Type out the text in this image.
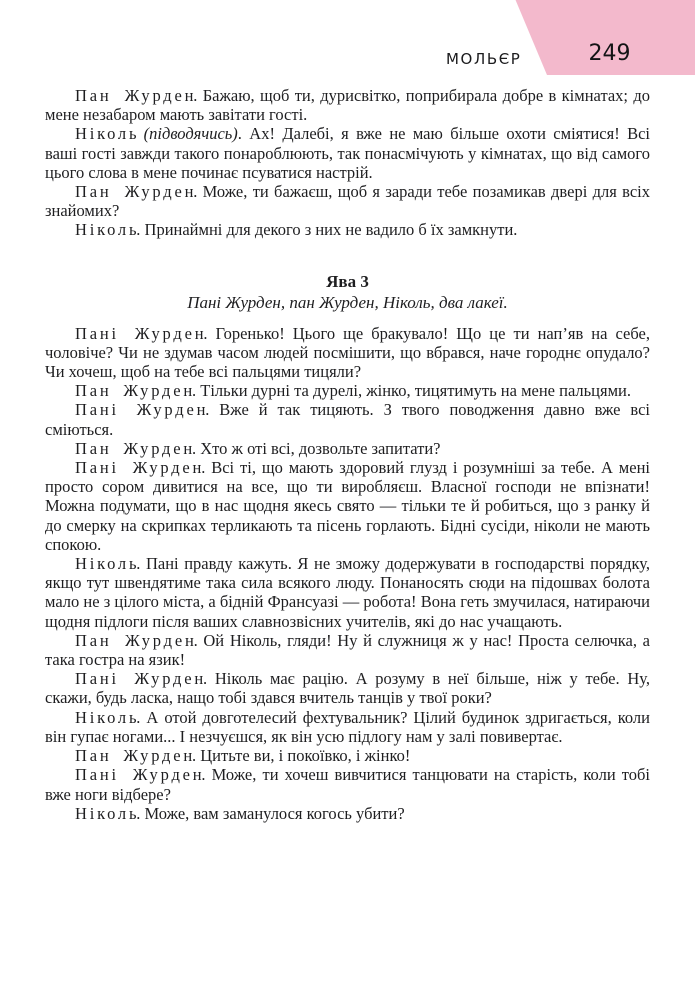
МОЛЬЄР	249

Пан Журден. Бажаю, щоб ти, дурисвітко, поприбирала добре в кімнатах; до мене незабаром мають завітати гості.

Ніколь (підводячись). Ах! Далебі, я вже не маю більше охоти сміятися! Всі ваші гості завжди такого понароблюють, так понасмічують у кімнатах, що від самого цього слова в мене починає псуватися настрій.

Пан Журден. Може, ти бажаєш, щоб я заради тебе позамикав двері для всіх знайомих?

Ніколь. Принаймні для декого з них не вадило б їх замкнути.

Ява 3
Пані Журден, пан Журден, Ніколь, два лакеї.

Пані Журден. Горенько! Цього ще бракувало! Що це ти нап’яв на себе, чоловіче? Чи не здумав часом людей посмішити, що вбрався, наче городнє опудало? Чи хочеш, щоб на тебе всі пальцями тицяли?

Пан Журден. Тільки дурні та дурелі, жінко, тицятимуть на мене пальцями.

Пані Журден. Вже й так тицяють. З твого поводження давно вже всі сміються.

Пан Журден. Хто ж оті всі, дозвольте запитати?

Пані Журден. Всі ті, що мають здоровий глузд і розумніші за тебе. А мені просто сором дивитися на все, що ти виробляєш. Власної господи не впізнати! Можна подумати, що в нас щодня якесь свято — тільки те й робиться, що з ранку й до смерку на скрипках терликають та пісень горлають. Бідні сусіди, ніколи не мають спокою.

Ніколь. Пані правду кажуть. Я не зможу додержувати в господарстві порядку, якщо тут швендятиме така сила всякого люду. Понаносять сюди на підошвах болота мало не з цілого міста, а бідній Франсуазі — робота! Вона геть змучилася, натираючи щодня підлоги після ваших славнозвісних учителів, які до нас учащають.

Пан Журден. Ой Ніколь, гляди! Ну й служниця ж у нас! Проста селючка, а така гостра на язик!

Пані Журден. Ніколь має рацію. А розуму в неї більше, ніж у тебе. Ну, скажи, будь ласка, нащо тобі здався вчитель танців у твої роки?

Ніколь. А отой довготелесий фехтувальник? Цілий будинок здригається, коли він гупає ногами... І незчуєшся, як він усю підлогу нам у залі повивертає.

Пан Журден. Цитьте ви, і покоївко, і жінко!

Пані Журден. Може, ти хочеш вивчитися танцювати на старість, коли тобі вже ноги відбере?

Ніколь. Може, вам заманулося когось убити?
